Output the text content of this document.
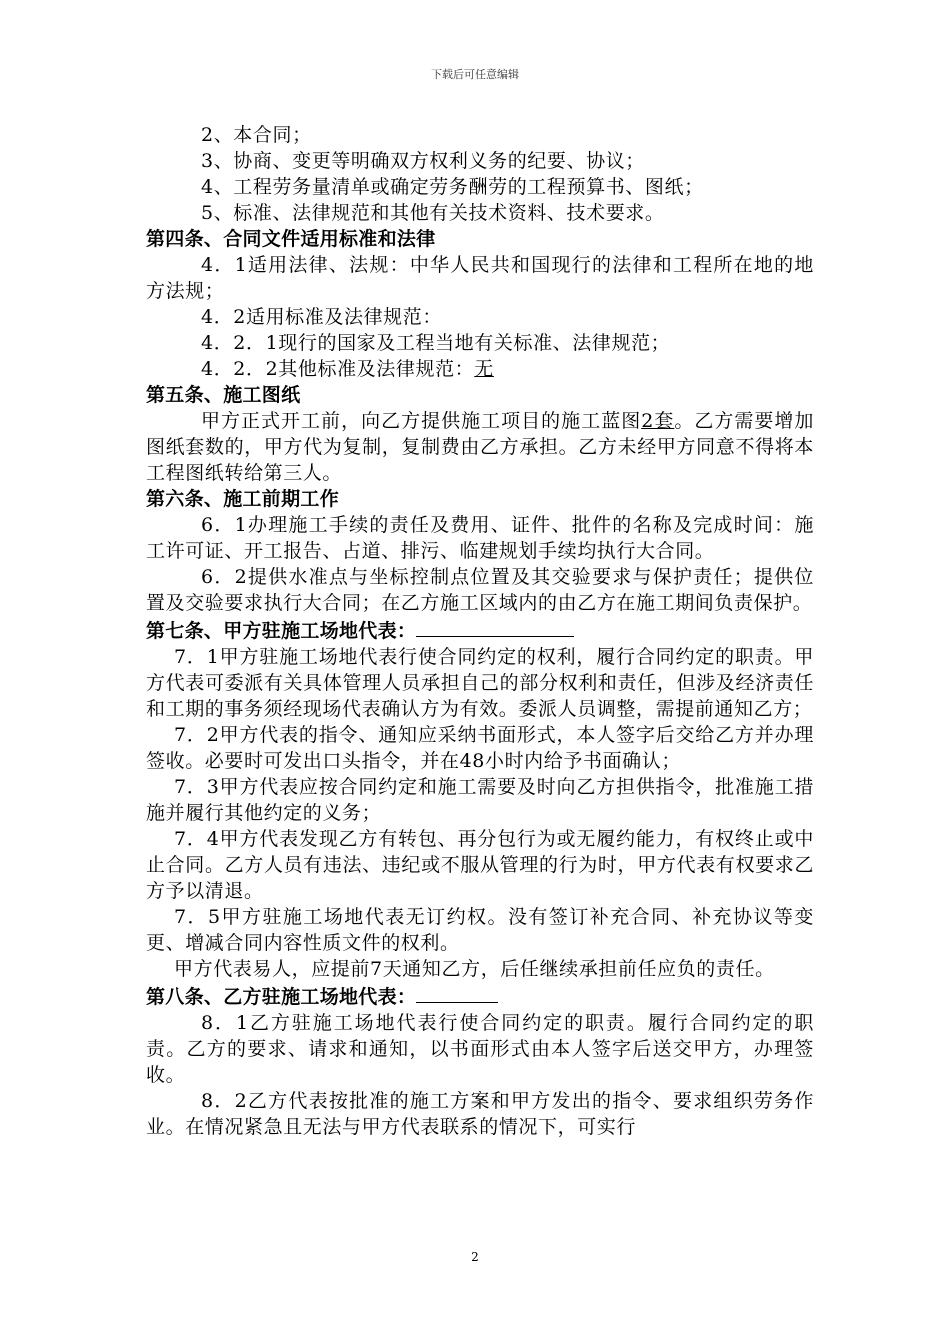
下载后可任意编辑

2、本合同；

3、协商、变更等明确双方权利义务的纪要、协议；

4、工程劳务量清单或确定劳务酬劳的工程预算书、图纸；

5、标准、法律规范和其他有关技术资料、技术要求。

第四条、合同文件适用标准和法律

4．1适用法律、法规：中华人民共和国现行的法律和工程所在地的地方法规；

4．2适用标准及法律规范：

4．2．1现行的国家及工程当地有关标准、法律规范；

4．2．2其他标准及法律规范：无

第五条、施工图纸

甲方正式开工前，向乙方提供施工项目的施工蓝图2套。乙方需要增加图纸套数的，甲方代为复制，复制费由乙方承担。乙方未经甲方同意不得将本工程图纸转给第三人。

第六条、施工前期工作

6．1办理施工手续的责任及费用、证件、批件的名称及完成时间：施工许可证、开工报告、占道、排污、临建规划手续均执行大合同。

6．2提供水准点与坐标控制点位置及其交验要求与保护责任；提供位置及交验要求执行大合同；在乙方施工区域内的由乙方在施工期间负责保护。

第七条、甲方驻施工场地代表：

7．1甲方驻施工场地代表行使合同约定的权利，履行合同约定的职责。甲方代表可委派有关具体管理人员承担自己的部分权利和责任，但涉及经济责任和工期的事务须经现场代表确认方为有效。委派人员调整，需提前通知乙方；

7．2甲方代表的指令、通知应采纳书面形式，本人签字后交给乙方并办理签收。必要时可发出口头指令，并在48小时内给予书面确认；

7．3甲方代表应按合同约定和施工需要及时向乙方担供指令，批准施工措施并履行其他约定的义务；

7．4甲方代表发现乙方有转包、再分包行为或无履约能力，有权终止或中止合同。乙方人员有违法、违纪或不服从管理的行为时，甲方代表有权要求乙方予以清退。

7．5甲方驻施工场地代表无订约权。没有签订补充合同、补充协议等变更、增减合同内容性质文件的权利。

甲方代表易人，应提前7天通知乙方，后任继续承担前任应负的责任。

第八条、乙方驻施工场地代表：

8．1乙方驻施工场地代表行使合同约定的职责。履行合同约定的职责。乙方的要求、请求和通知，以书面形式由本人签字后送交甲方，办理签收。

8．2乙方代表按批准的施工方案和甲方发出的指令、要求组织劳务作业。在情况紧急且无法与甲方代表联系的情况下，可实行

2
